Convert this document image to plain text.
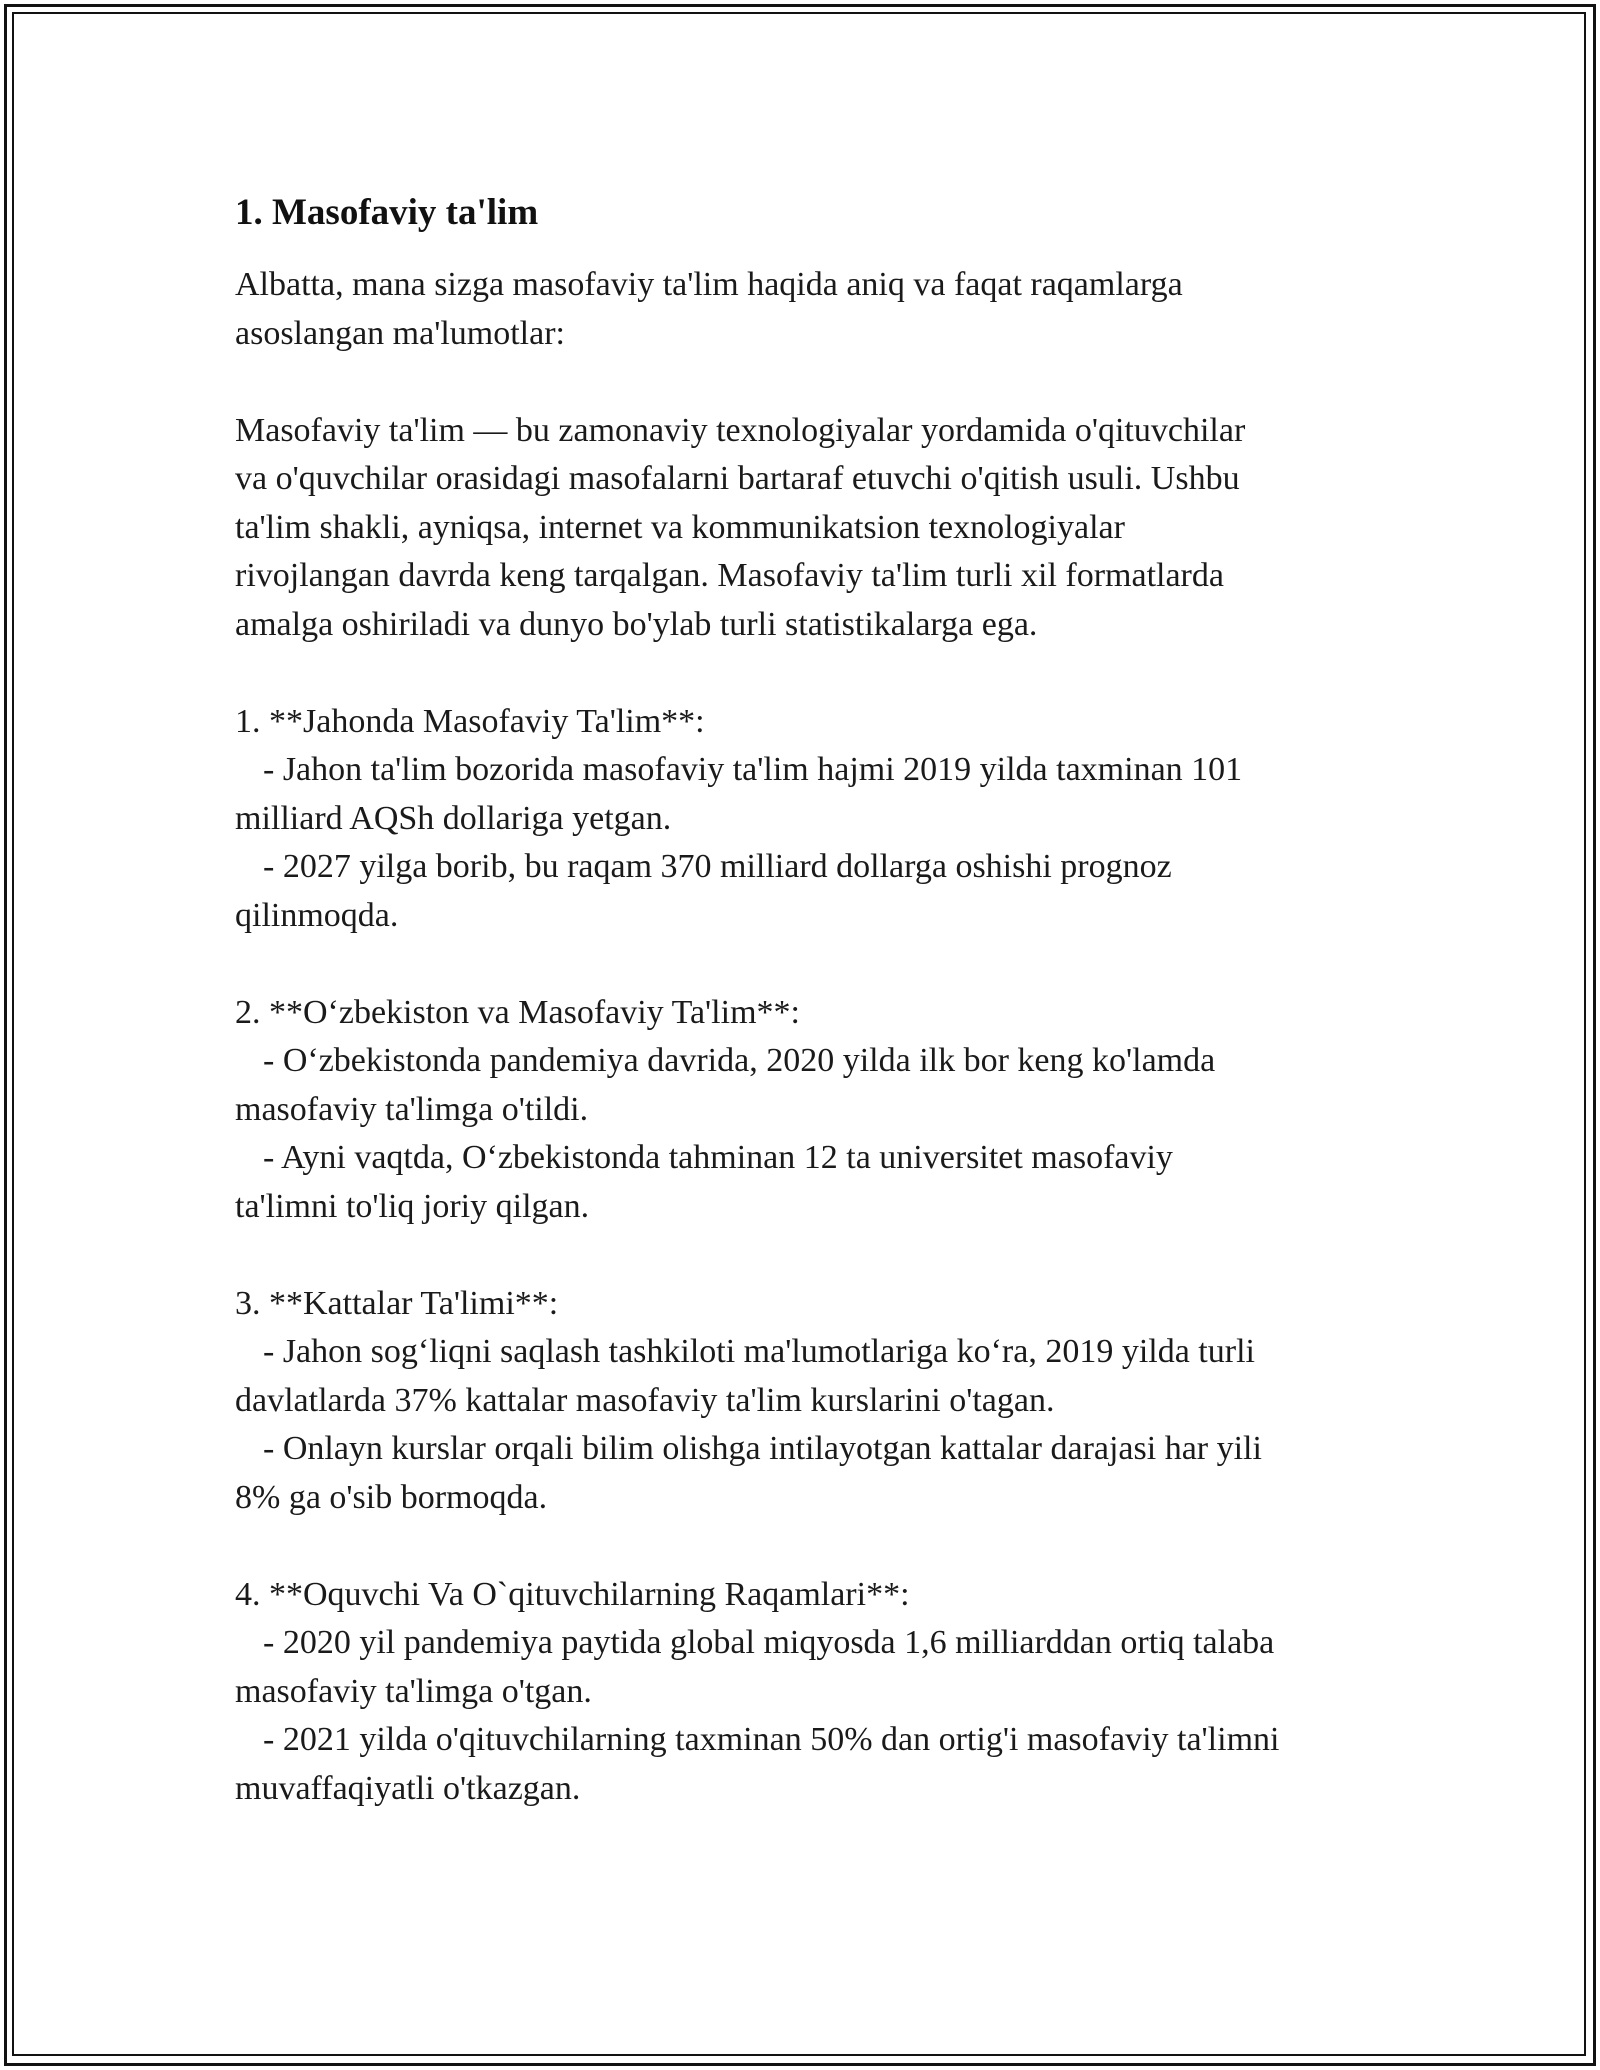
1. Masofaviy ta'lim

Albatta, mana sizga masofaviy ta'lim haqida aniq va faqat raqamlarga

asoslangan ma'lumotlar:

Masofaviy ta'lim — bu zamonaviy texnologiyalar yordamida o'qituvchilar

va o'quvchilar orasidagi masofalarni bartaraf etuvchi o'qitish usuli. Ushbu

ta'lim shakli, ayniqsa, internet va kommunikatsion texnologiyalar

rivojlangan davrda keng tarqalgan. Masofaviy ta'lim turli xil formatlarda

amalga oshiriladi va dunyo bo'ylab turli statistikalarga ega.

1. **Jahonda Masofaviy Ta'lim**:

- Jahon ta'lim bozorida masofaviy ta'lim hajmi 2019 yilda taxminan 101

milliard AQSh dollariga yetgan.

- 2027 yilga borib, bu raqam 370 milliard dollarga oshishi prognoz

qilinmoqda.

2. **O‘zbekiston va Masofaviy Ta'lim**:

- O‘zbekistonda pandemiya davrida, 2020 yilda ilk bor keng ko'lamda

masofaviy ta'limga o'tildi.

- Ayni vaqtda, O‘zbekistonda tahminan 12 ta universitet masofaviy

ta'limni to'liq joriy qilgan.

3. **Kattalar Ta'limi**:

- Jahon sog‘liqni saqlash tashkiloti ma'lumotlariga ko‘ra, 2019 yilda turli

davlatlarda 37% kattalar masofaviy ta'lim kurslarini o'tagan.

- Onlayn kurslar orqali bilim olishga intilayotgan kattalar darajasi har yili

8% ga o'sib bormoqda.

4. **Oquvchi Va O`qituvchilarning Raqamlari**:

- 2020 yil pandemiya paytida global miqyosda 1,6 milliarddan ortiq talaba

masofaviy ta'limga o'tgan.

- 2021 yilda o'qituvchilarning taxminan 50% dan ortig'i masofaviy ta'limni

muvaffaqiyatli o'tkazgan.
